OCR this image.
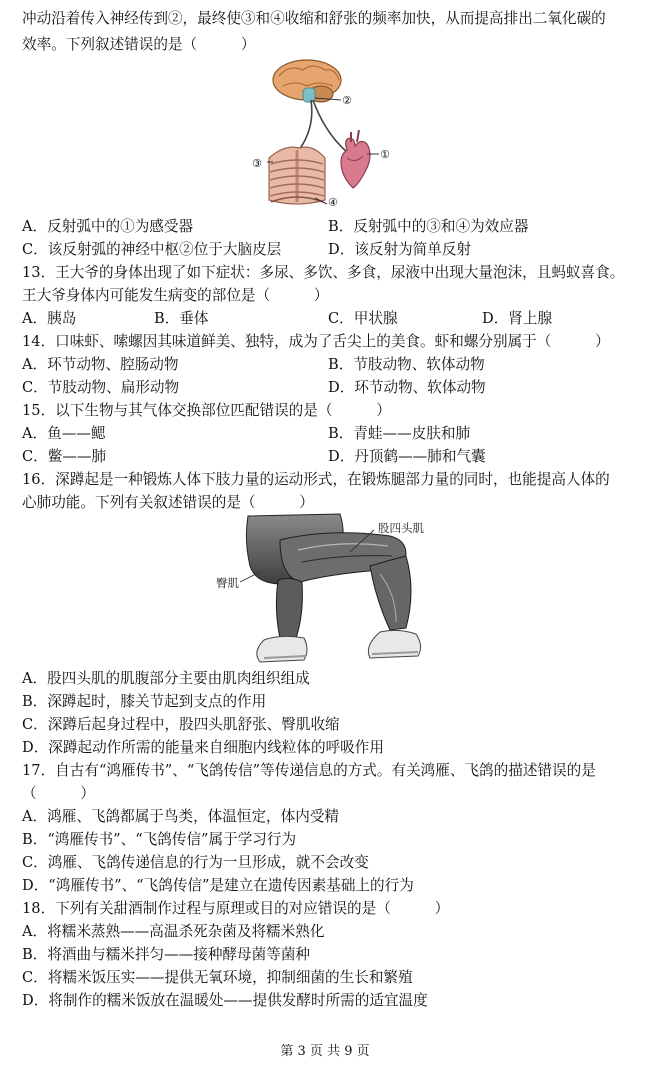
冲动沿着传入神经传到②，最终使③和④收缩和舒张的频率加快，从而提高排出二氧化碳的
效率。下列叙述错误的是（　　　）
②
③
①
④
A．反射弧中的①为感受器	B．反射弧中的③和④为效应器
C．该反射弧的神经中枢②位于大脑皮层	D．该反射为简单反射
13．王大爷的身体出现了如下症状：多尿、多饮、多食，尿液中出现大量泡沫，且蚂蚁喜食。
王大爷身体内可能发生病变的部位是（　　　）
A．胰岛	B．垂体	C．甲状腺	D．肾上腺
14．口味虾、嗦螺因其味道鲜美、独特，成为了舌尖上的美食。虾和螺分别属于（　　　）
A．环节动物、腔肠动物	B．节肢动物、软体动物
C．节肢动物、扁形动物	D．环节动物、软体动物
15．以下生物与其气体交换部位匹配错误的是（　　　）
A．鱼——鳃	B．青蛙——皮肤和肺
C．鳖——肺	D．丹顶鹤——肺和气囊
16．深蹲起是一种锻炼人体下肢力量的运动形式，在锻炼腿部力量的同时，也能提高人体的
心肺功能。下列有关叙述错误的是（　　　）
股四头肌
臀肌
A．股四头肌的肌腹部分主要由肌肉组织组成
B．深蹲起时，膝关节起到支点的作用
C．深蹲后起身过程中，股四头肌舒张、臀肌收缩
D．深蹲起动作所需的能量来自细胞内线粒体的呼吸作用
17．自古有“鸿雁传书”、“飞鸽传信”等传递信息的方式。有关鸿雁、飞鸽的描述错误的是
（　　　）
A．鸿雁、飞鸽都属于鸟类，体温恒定，体内受精
B．“鸿雁传书”、“飞鸽传信”属于学习行为
C．鸿雁、飞鸽传递信息的行为一旦形成，就不会改变
D．“鸿雁传书”、“飞鸽传信”是建立在遗传因素基础上的行为
18．下列有关甜酒制作过程与原理或目的对应错误的是（　　　）
A．将糯米蒸熟——高温杀死杂菌及将糯米熟化
B．将酒曲与糯米拌匀——接种酵母菌等菌种
C．将糯米饭压实——提供无氧环境，抑制细菌的生长和繁殖
D．将制作的糯米饭放在温暖处——提供发酵时所需的适宜温度
第 3 页 共 9 页
